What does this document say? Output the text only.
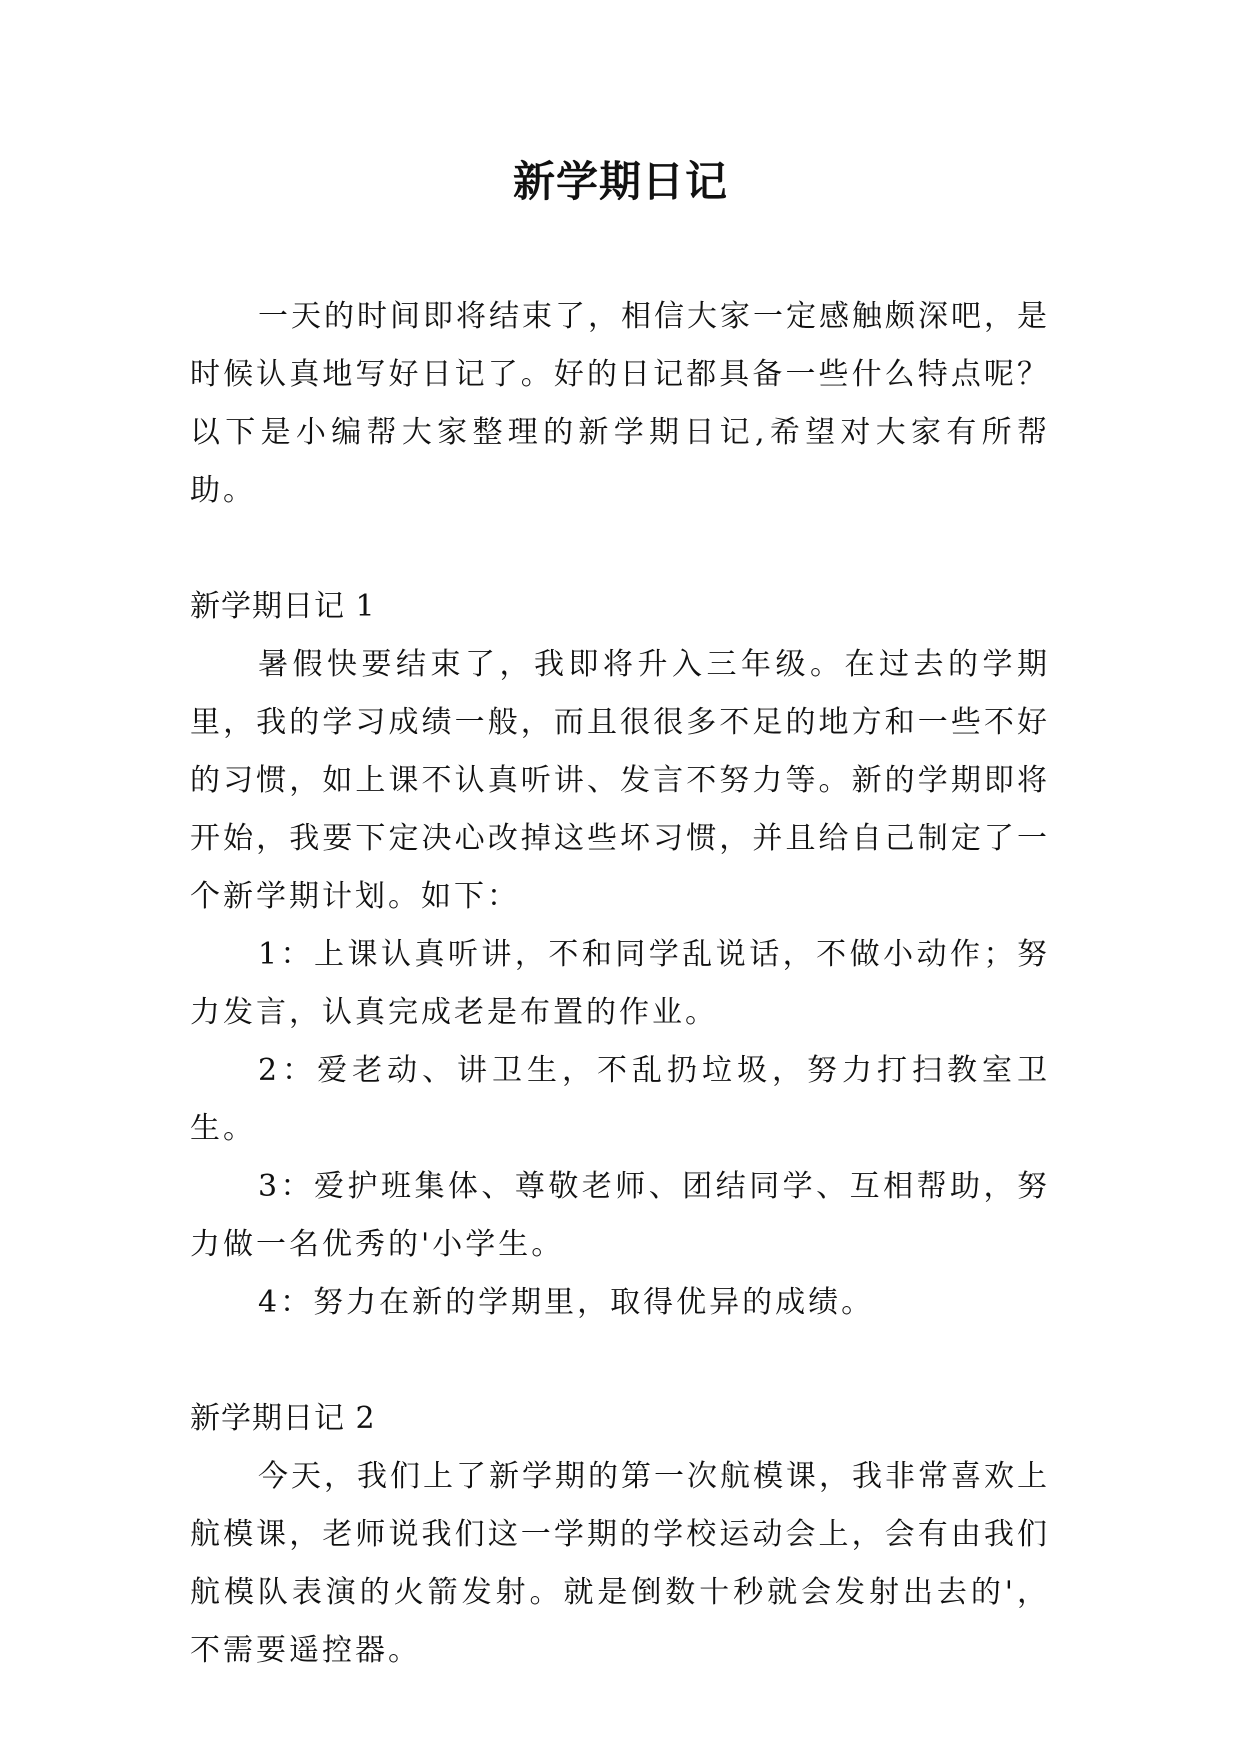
新学期日记

一天的时间即将结束了，相信大家一定感触颇深吧，是时候认真地写好日记了。好的日记都具备一些什么特点呢？以下是小编帮大家整理的新学期日记,希望对大家有所帮助。

新学期日记 1

暑假快要结束了，我即将升入三年级。在过去的学期里，我的学习成绩一般，而且很很多不足的地方和一些不好的习惯，如上课不认真听讲、发言不努力等。新的学期即将开始，我要下定决心改掉这些坏习惯，并且给自己制定了一个新学期计划。如下：

1：上课认真听讲，不和同学乱说话，不做小动作；努力发言，认真完成老是布置的作业。

2：爱老动、讲卫生，不乱扔垃圾，努力打扫教室卫生。

3：爱护班集体、尊敬老师、团结同学、互相帮助，努力做一名优秀的'小学生。

4：努力在新的学期里，取得优异的成绩。

新学期日记 2

今天，我们上了新学期的第一次航模课，我非常喜欢上航模课，老师说我们这一学期的学校运动会上，会有由我们航模队表演的火箭发射。就是倒数十秒就会发射出去的'，不需要遥控器。
